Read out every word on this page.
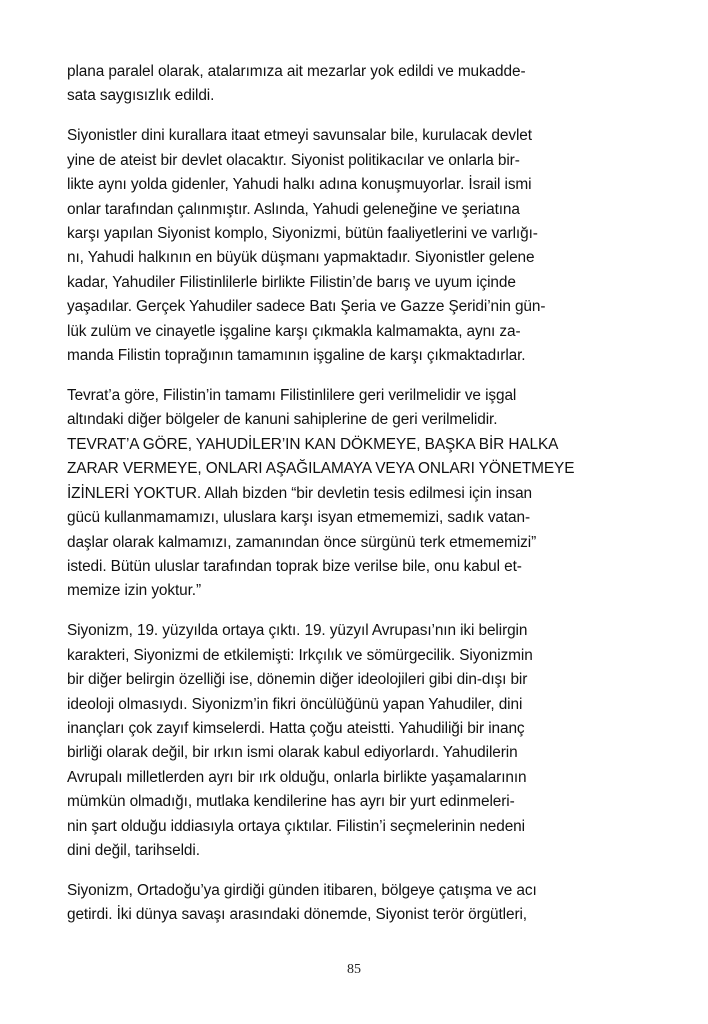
plana paralel olarak, atalarımıza ait mezarlar yok edildi ve mukadde-
sata saygısızlık edildi.

Siyonistler dini kurallara itaat etmeyi savunsalar bile, kurulacak devlet
yine de ateist bir devlet olacaktır. Siyonist politikacılar ve onlarla bir-
likte aynı yolda gidenler, Yahudi halkı adına konuşmuyorlar. İsrail ismi
onlar tarafından çalınmıştır. Aslında, Yahudi geleneğine ve şeriatına
karşı yapılan Siyonist komplo, Siyonizmi, bütün faaliyetlerini ve varlığı-
nı, Yahudi halkının en büyük düşmanı yapmaktadır. Siyonistler gelene
kadar, Yahudiler Filistinlilerle birlikte Filistin’de barış ve uyum içinde
yaşadılar. Gerçek Yahudiler sadece Batı Şeria ve Gazze Şeridi’nin gün-
lük zulüm ve cinayetle işgaline karşı çıkmakla kalmamakta, aynı za-
manda Filistin toprağının tamamının işgaline de karşı çıkmaktadırlar.

Tevrat’a göre, Filistin’in tamamı Filistinlilere geri verilmelidir ve işgal
altındaki diğer bölgeler de kanuni sahiplerine de geri verilmelidir.
TEVRAT’A GÖRE, YAHUDİLER’IN KAN DÖKMEYE, BAŞKA BİR HALKA
ZARAR VERMEYE, ONLARI AŞAĞILAMAYA VEYA ONLARI YÖNETMEYE
İZİNLERİ YOKTUR. Allah bizden “bir devletin tesis edilmesi için insan
gücü kullanmamamızı, uluslara karşı isyan etmememizi, sadık vatan-
daşlar olarak kalmamızı, zamanından önce sürgünü terk etmememizi”
istedi. Bütün uluslar tarafından toprak bize verilse bile, onu kabul et-
memize izin yoktur.”

Siyonizm, 19. yüzyılda ortaya çıktı. 19. yüzyıl Avrupası’nın iki belirgin
karakteri, Siyonizmi de etkilemişti: Irkçılık ve sömürgecilik. Siyonizmin
bir diğer belirgin özelliği ise, dönemin diğer ideolojileri gibi din-dışı bir
ideoloji olmasıydı. Siyonizm’in fikri öncülüğünü yapan Yahudiler, dini
inançları çok zayıf kimselerdi. Hatta çoğu ateistti. Yahudiliği bir inanç
birliği olarak değil, bir ırkın ismi olarak kabul ediyorlardı. Yahudilerin
Avrupalı milletlerden ayrı bir ırk olduğu, onlarla birlikte yaşamalarının
mümkün olmadığı, mutlaka kendilerine has ayrı bir yurt edinmeleri-
nin şart olduğu iddiasıyla ortaya çıktılar. Filistin’i seçmelerinin nedeni
dini değil, tarihseldi.

Siyonizm, Ortadoğu’ya girdiği günden itibaren, bölgeye çatışma ve acı
getirdi. İki dünya savaşı arasındaki dönemde, Siyonist terör örgütleri,

85
